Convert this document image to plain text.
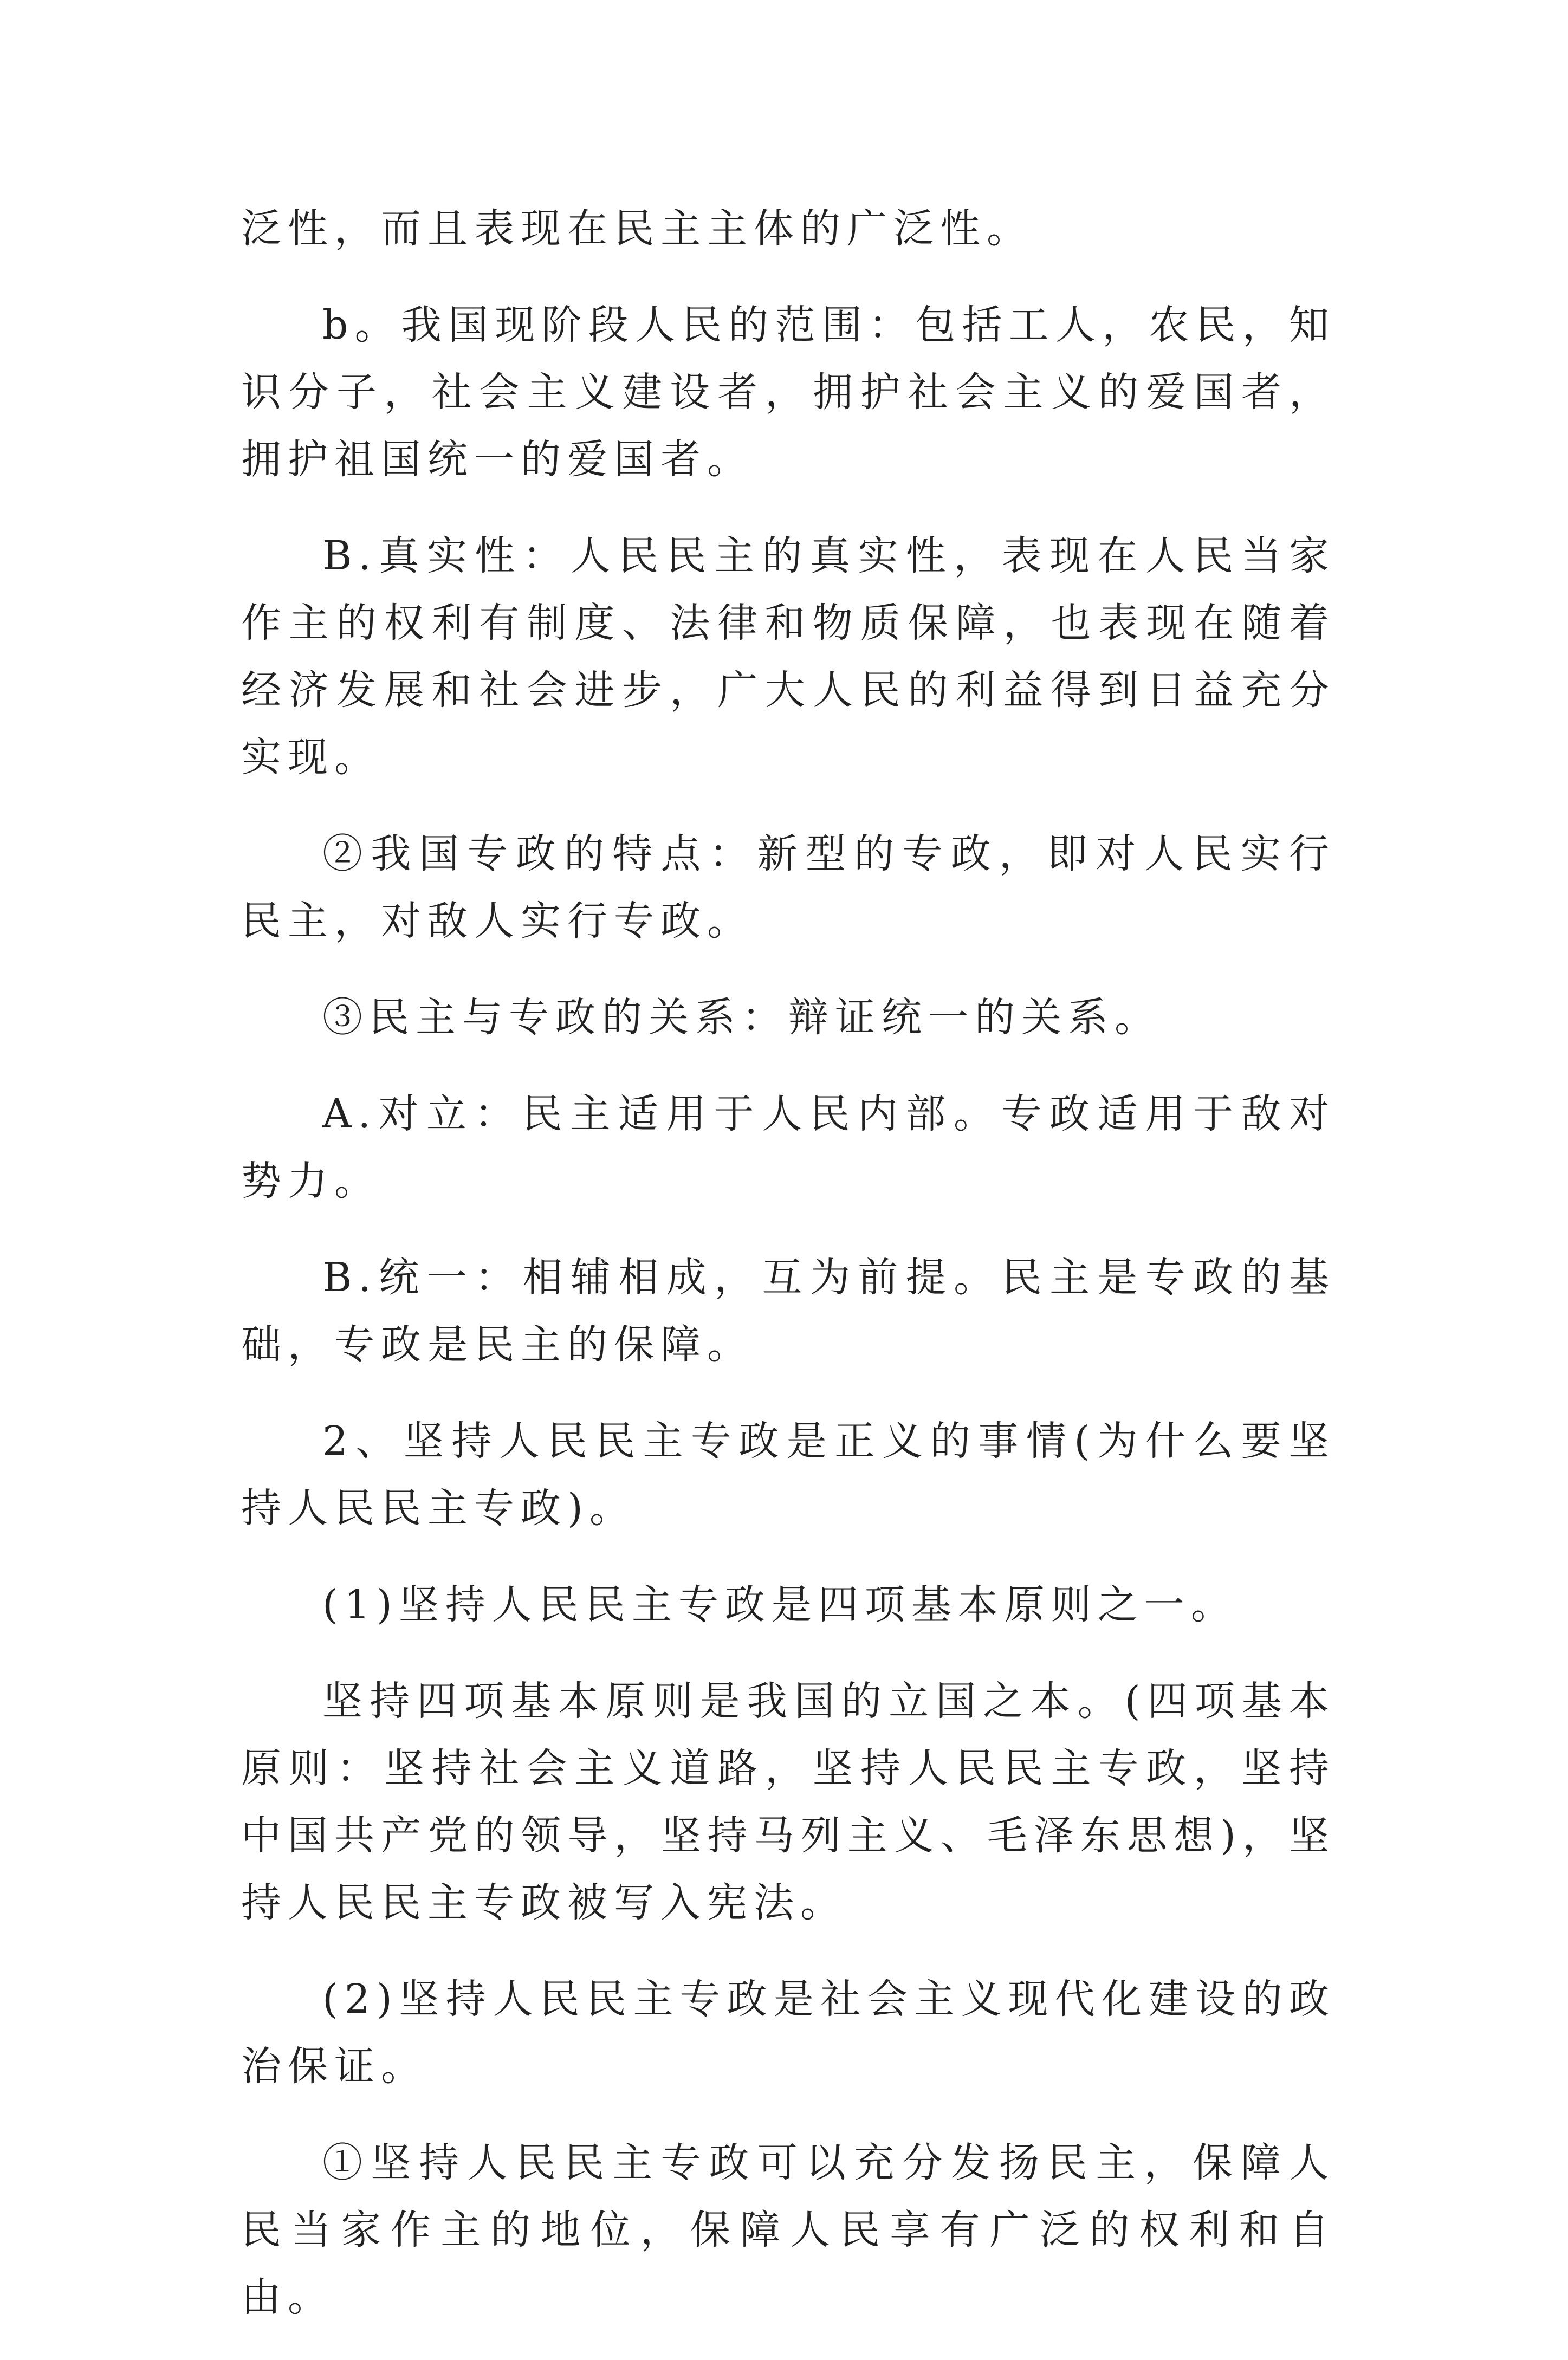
泛性，而且表现在民主主体的广泛性。

b。我国现阶段人民的范围：包括工人，农民，知识分子，社会主义建设者，拥护社会主义的爱国者，拥护祖国统一的爱国者。

B.真实性：人民民主的真实性，表现在人民当家作主的权利有制度、法律和物质保障，也表现在随着经济发展和社会进步，广大人民的利益得到日益充分实现。

②我国专政的特点：新型的专政，即对人民实行民主，对敌人实行专政。

③民主与专政的关系：辩证统一的关系。

A.对立：民主适用于人民内部。专政适用于敌对势力。

B.统一：相辅相成，互为前提。民主是专政的基础，专政是民主的保障。

2、坚持人民民主专政是正义的事情(为什么要坚持人民民主专政)。

(1)坚持人民民主专政是四项基本原则之一。

坚持四项基本原则是我国的立国之本。(四项基本原则：坚持社会主义道路，坚持人民民主专政，坚持中国共产党的领导，坚持马列主义、毛泽东思想)，坚持人民民主专政被写入宪法。

(2)坚持人民民主专政是社会主义现代化建设的政治保证。

①坚持人民民主专政可以充分发扬民主，保障人民当家作主的地位，保障人民享有广泛的权利和自由。
